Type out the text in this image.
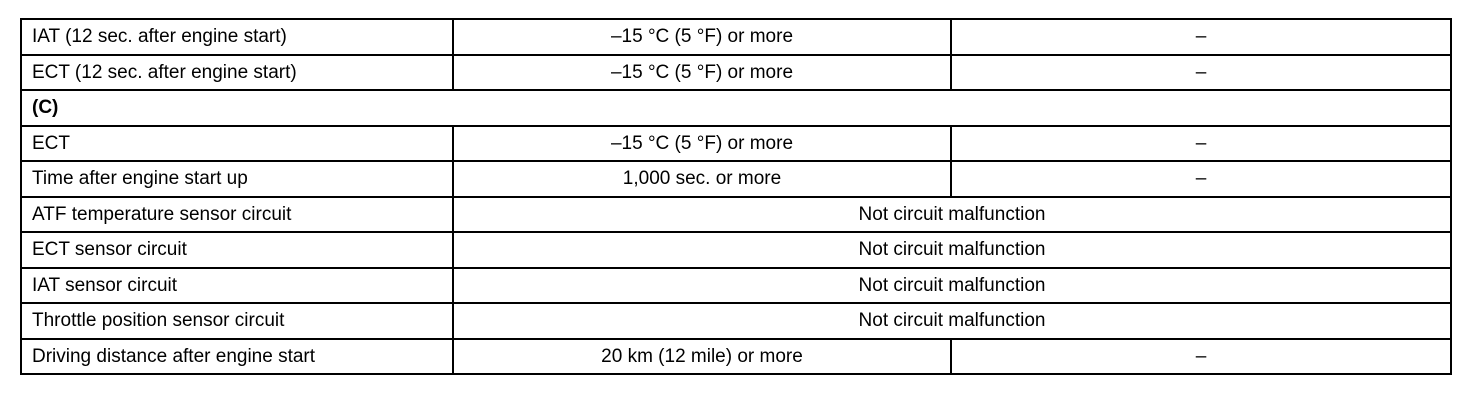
IAT (12 sec. after engine start)	–15 °C (5 °F) or more	–
ECT (12 sec. after engine start)	–15 °C (5 °F) or more	–
(C)		
ECT	–15 °C (5 °F) or more	–
Time after engine start up	1,000 sec. or more	–
ATF temperature sensor circuit	Not circuit malfunction	
ECT sensor circuit	Not circuit malfunction	
IAT sensor circuit	Not circuit malfunction	
Throttle position sensor circuit	Not circuit malfunction	
Driving distance after engine start	20 km (12 mile) or more	–
